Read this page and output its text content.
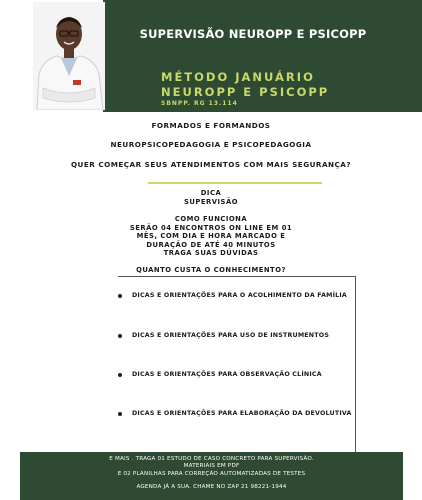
SUPERVISÃO NEUROPP E PSICOPP
MÉTODO JANUÁRIO
NEUROPP E PSICOPP
SBNPP. RG 13.114
FORMADOS E FORMANDOS
NEUROPSICOPEDAGOGIA E PSICOPEDAGOGIA
QUER COMEÇAR SEUS ATENDIMENTOS COM MAIS SEGURANÇA?
DICA
SUPERVISÃO
COMO FUNCIONA
SERÃO 04 ENCONTROS ON LINE EM 01
MÊS, COM DIA E HORA MARCADO E
DURAÇÃO DE ATÉ 40 MINUTOS
TRAGA SUAS DÚVIDAS
QUANTO CUSTA O CONHECIMENTO?
DICAS E ORIENTAÇÕES PARA O ACOLHIMENTO DA FAMÍLIA
DICAS E ORIENTAÇÕES PARA USO DE INSTRUMENTOS
DICAS E ORIENTAÇÕES PARA OBSERVAÇÃO CLÍNICA
DICAS E ORIENTAÇÕES PARA ELABORAÇÃO DA DEVOLUTIVA
E MAIS . TRAGA 01 ESTUDO DE CASO CONCRETO PARA SUPERVISÃO.
MATERIAIS EM PDF
E 02 PLANILHAS PARA CORREÇÃO AUTOMATIZADAS DE TESTES
AGENDA JÁ A SUA. CHAME NO ZAP 21 98221-1944
